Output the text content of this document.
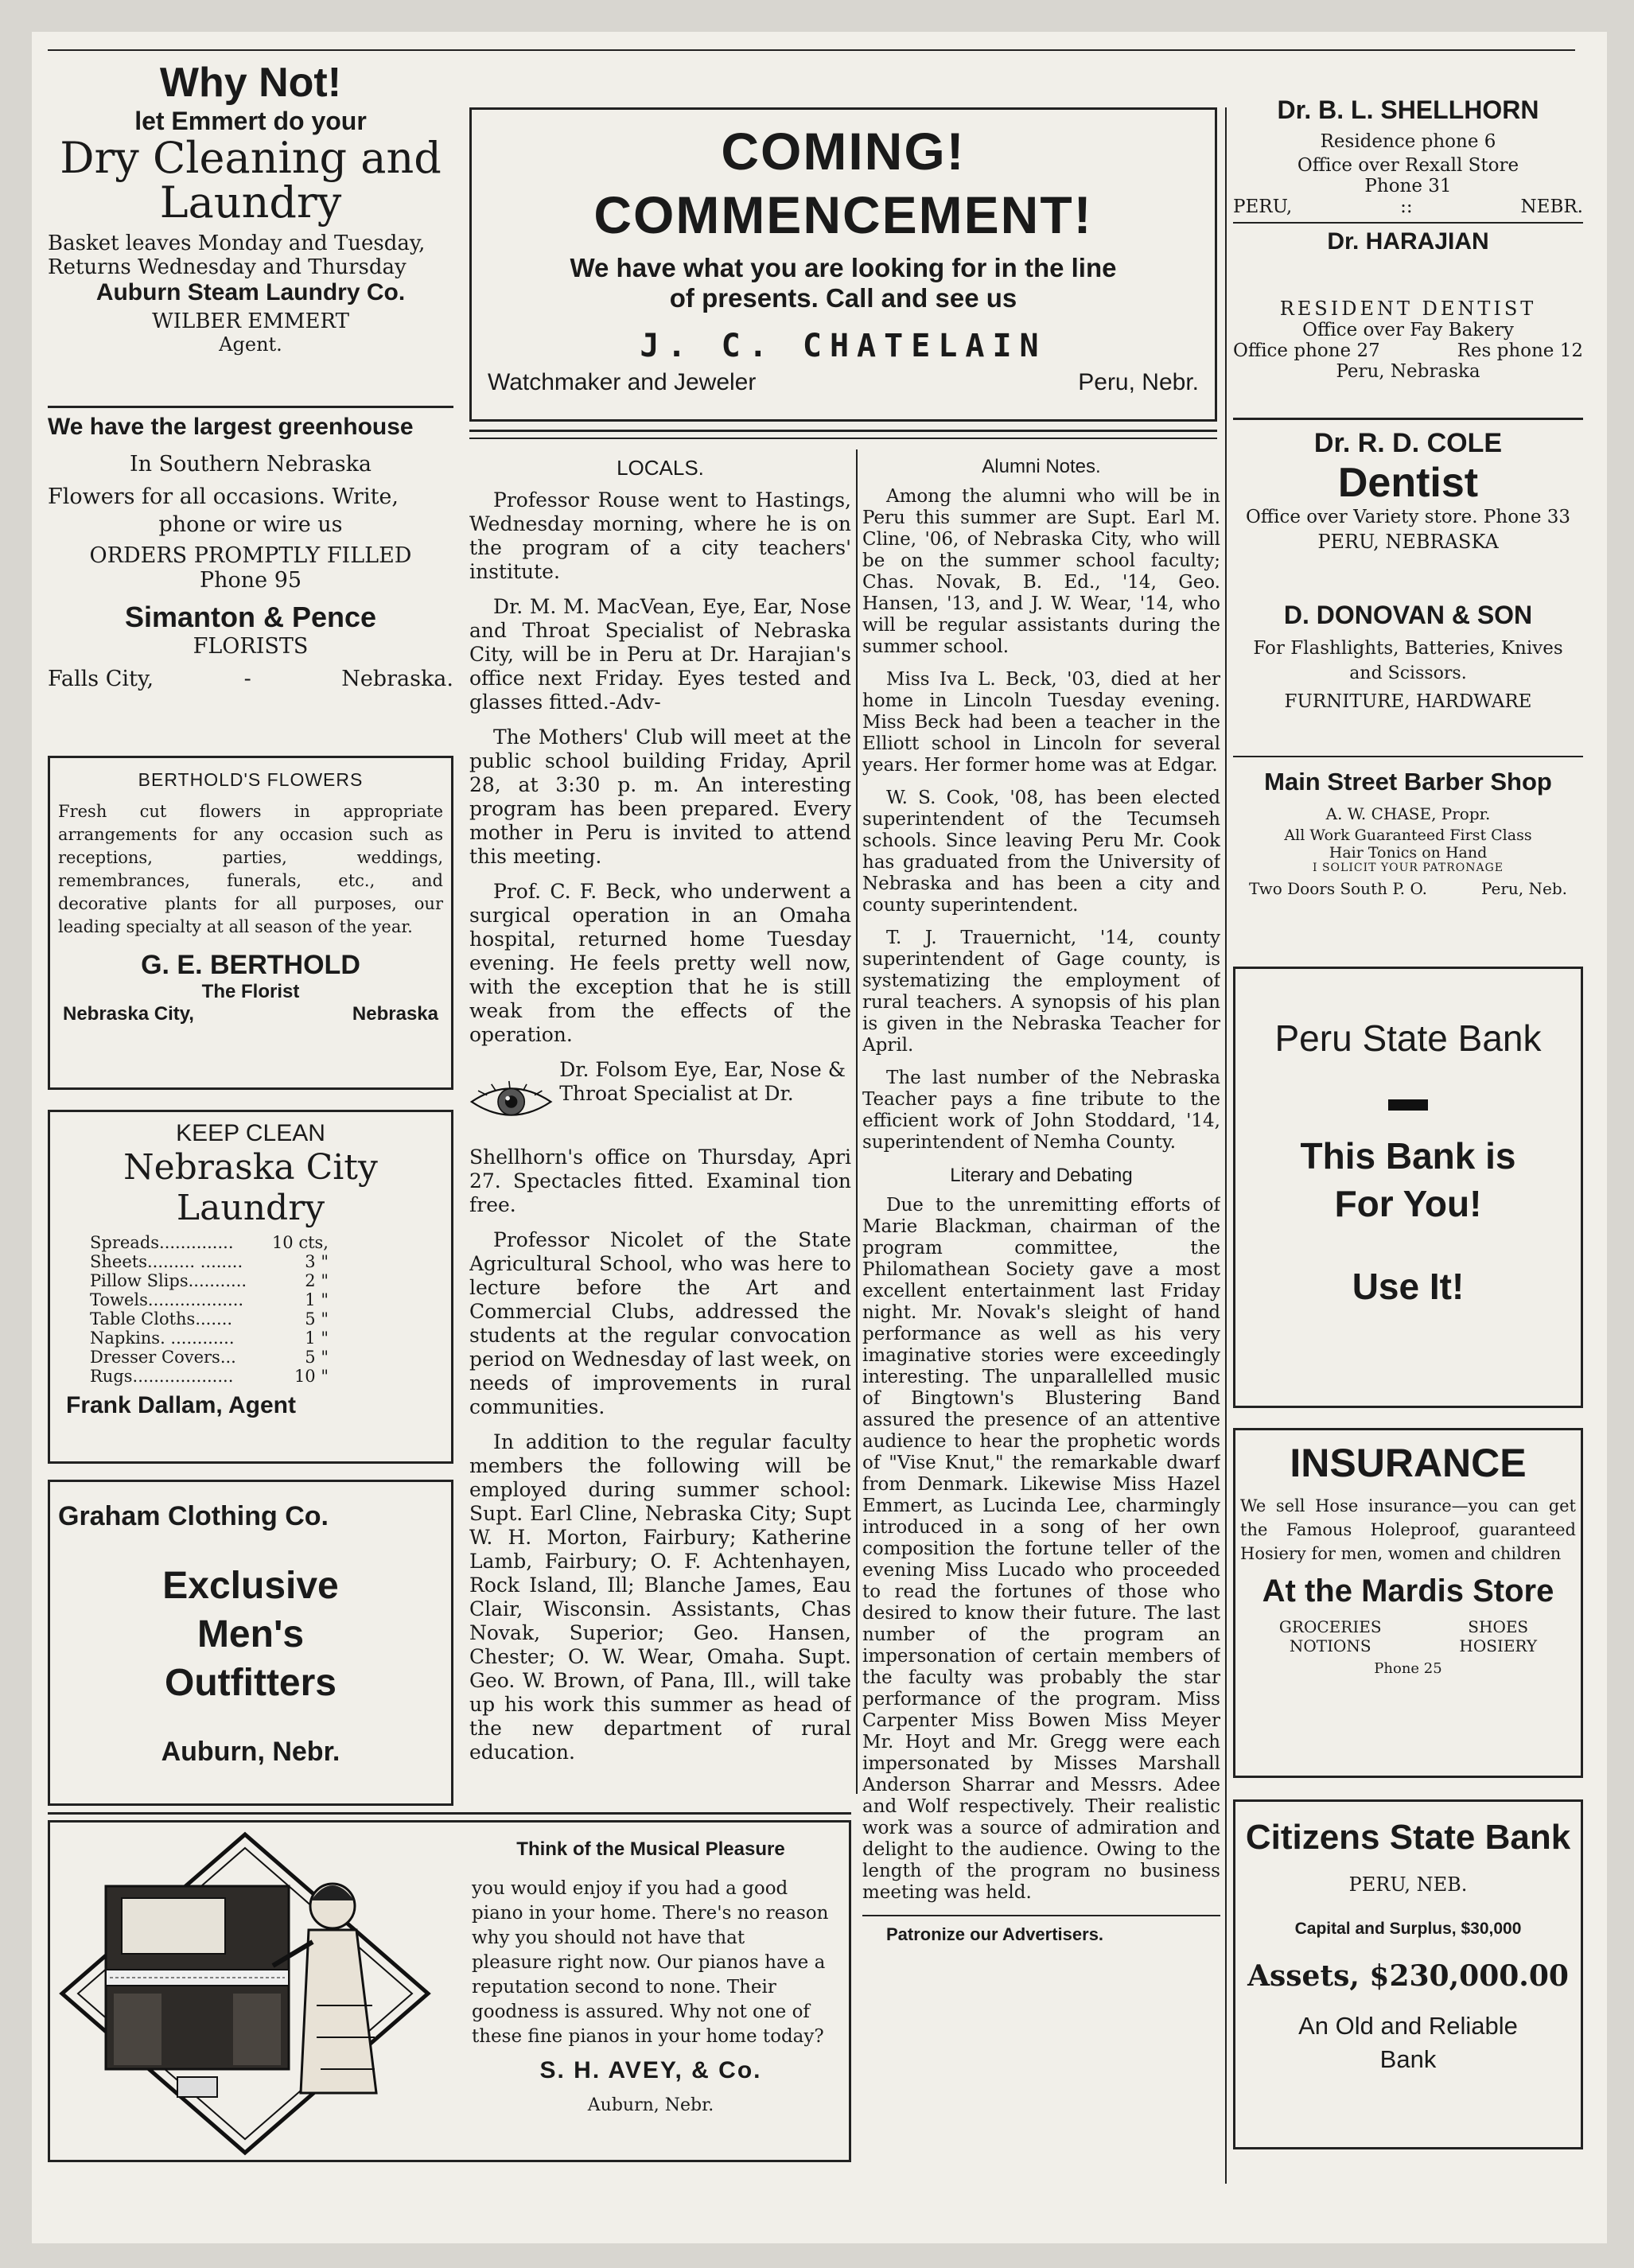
Why Not!
let Emmert do your
Dry Cleaning and
Laundry
Basket leaves Monday and Tuesday,
Returns Wednesday and Thursday
Auburn Steam Laundry Co.
WILBER EMMERT
Agent.
We have the largest greenhouse
In Southern Nebraska
Flowers for all occasions. Write,
phone or wire us
ORDERS PROMPTLY FILLED
Phone 95
Simanton & Pence
FLORISTS
Falls City,	-	Nebraska.
BERTHOLD'S FLOWERS
Fresh cut flowers in appropriate arrangements for any occasion such as receptions, parties, weddings, remembrances, funerals, etc., and decorative plants for all purposes, our leading specialty at all season of the year.
G. E. BERTHOLD
The Florist
Nebraska City,	Nebraska
KEEP CLEAN
Nebraska City
Laundry
Spreads.............. 10 cts,
Sheets......... ........	3 "
Pillow Slips...........	2 "
Towels..................	1 "
Table Cloths.......	5 "
Napkins. ............	1 "
Dresser Covers...	5 "
Rugs...................	10 "
Frank Dallam, Agent
Graham Clothing Co.
Exclusive
Men's
Outfitters
Auburn, Nebr.
COMING!
COMMENCEMENT!
We have what you are looking for in the line
of presents. Call and see us
J. C. CHATELAIN
Watchmaker and Jeweler	Peru, Nebr.
LOCALS.

Professor Rouse went to Hastings, Wednesday morning, where he is on the program of a city teachers' institute.

Dr. M. M. MacVean, Eye, Ear, Nose and Throat Specialist of Nebraska City, will be in Peru at Dr. Harajian's office next Friday. Eyes tested and glasses fitted.-Adv-

The Mothers' Club will meet at the public school building Friday, April 28, at 3:30 p. m. An interesting program has been prepared. Every mother in Peru is invited to attend this meeting.

Prof. C. F. Beck, who underwent a surgical operation in an Omaha hospital, returned home Tuesday evening. He feels pretty well now, with the exception that he is still weak from the effects of the operation.

Dr. Folsom Eye, Ear, Nose & Throat Specialist at Dr.

Shellhorn's office on Thursday, Apri 27. Spectacles fitted. Examinal tion free.

Professor Nicolet of the State Agricultural School, who was here to lecture before the Art and Commercial Clubs, addressed the students at the regular convocation period on Wednesday of last week, on needs of improvements in rural communities.

In addition to the regular faculty members the following will be employed during summer school: Supt. Earl Cline, Nebraska City; Supt W. H. Morton, Fairbury; Katherine Lamb, Fairbury; O. F. Achtenhayen, Rock Island, Ill; Blanche James, Eau Clair, Wisconsin. Assistants, Chas Novak, Superior; Geo. Hansen, Chester; O. W. Wear, Omaha. Supt. Geo. W. Brown, of Pana, Ill., will take up his work this summer as head of the new department of rural education.

Alumni Notes.

Among the alumni who will be in Peru this summer are Supt. Earl M. Cline, '06, of Nebraska City, who will be on the summer school faculty; Chas. Novak, B. Ed., '14, Geo. Hansen, '13, and J. W. Wear, '14, who will be regular assistants during the summer school.

Miss Iva L. Beck, '03, died at her home in Lincoln Tuesday evening. Miss Beck had been a teacher in the Elliott school in Lincoln for several years. Her former home was at Edgar.

W. S. Cook, '08, has been elected superintendent of the Tecumseh schools. Since leaving Peru Mr. Cook has graduated from the University of Nebraska and has been a city and county superintendent.

T. J. Trauernicht, '14, county superintendent of Gage county, is systematizing the employment of rural teachers. A synopsis of his plan is given in the Nebraska Teacher for April.

The last number of the Nebraska Teacher pays a fine tribute to the efficient work of John Stoddard, '14, superintendent of Nemha County.

Literary and Debating

Due to the unremitting efforts of Marie Blackman, chairman of the program committee, the Philomathean Society gave a most excellent entertainment last Friday night. Mr. Novak's sleight of hand performance as well as his very imaginative stories were exceedingly interesting. The unparallelled music of Bingtown's Blustering Band assured the presence of an attentive audience to hear the prophetic words of "Vise Knut," the remarkable dwarf from Denmark. Likewise Miss Hazel Emmert, as Lucinda Lee, charmingly introduced in a song of her own composition the fortune teller of the evening Miss Lucado who proceeded to read the fortunes of those who desired to know their future. The last number of the program an impersonation of certain members of the faculty was probably the star performance of the program. Miss Carpenter Miss Bowen Miss Meyer Mr. Hoyt and Mr. Gregg were each impersonated by Misses Marshall Anderson Sharrar and Messrs. Adee and Wolf respectively. Their realistic work was a source of admiration and delight to the audience. Owing to the length of the program no business meeting was held.

Patronize our Advertisers.
Think of the Musical Pleasure
you would enjoy if you had a good piano in your home. There's no reason why you should not have that pleasure right now. Our pianos have a reputation second to none. Their goodness is assured. Why not one of these fine pianos in your home today?
S. H. AVEY, & Co.
Auburn, Nebr.
Dr. B. L. SHELLHORN
Residence phone 6
Office over Rexall Store
Phone 31
PERU,	::	NEBR.
Dr. HARAJIAN
RESIDENT DENTIST
Office over Fay Bakery
Office phone 27	Res phone 12
Peru, Nebraska
Dr. R. D. COLE
Dentist
Office over Variety store. Phone 33
PERU, NEBRASKA
D. DONOVAN & SON
For Flashlights, Batteries, Knives
and Scissors.
FURNITURE, HARDWARE
Main Street Barber Shop
A. W. CHASE, Propr.
All Work Guaranteed First Class
Hair Tonics on Hand
I SOLICIT YOUR PATRONAGE
Two Doors South P. O.	Peru, Neb.
Peru State Bank
This Bank is
For You!
Use It!
INSURANCE
We sell Hose insurance—you can get the Famous Holeproof, guaranteed Hosiery for men, women and children
At the Mardis Store
GROCERIES
NOTIONS
SHOES
HOSIERY
Phone 25
Citizens State Bank
PERU, NEB.
Capital and Surplus, $30,000
Assets, $230,000.00
An Old and Reliable
Bank
